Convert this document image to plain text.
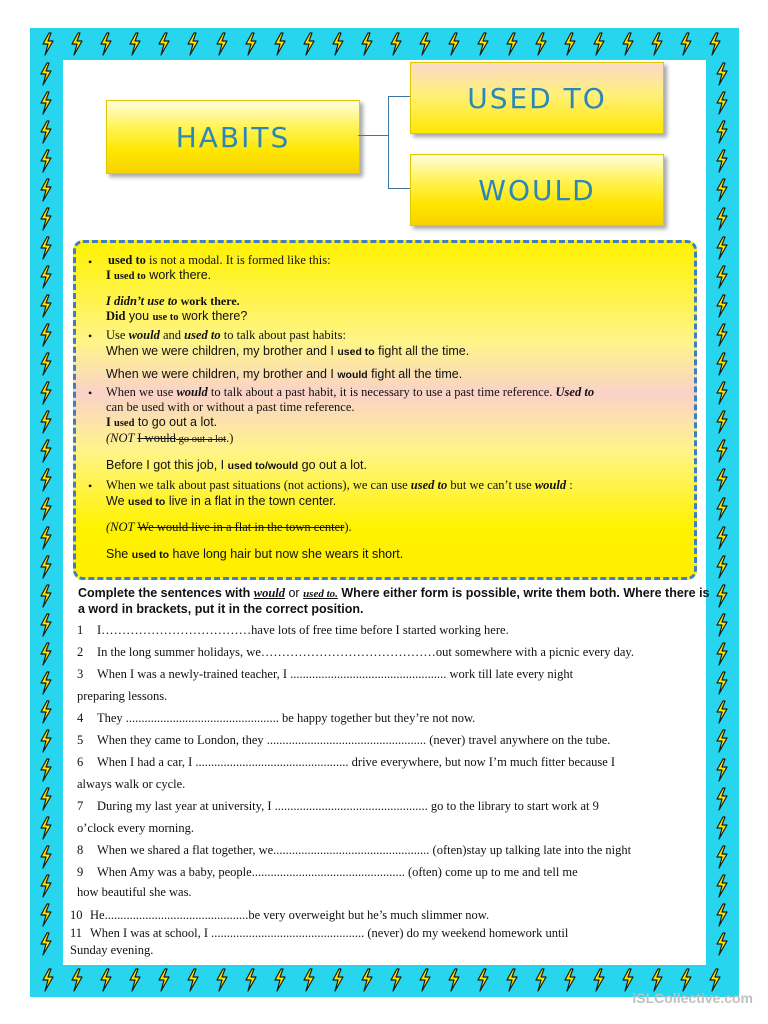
HABITS
USED TO
WOULD
• used to is not a modal. It is formed like this:
I used to work there.
I didn’t use to work there.
Did you use to work there?
• Use would and used to to talk about past habits:
When we were children, my brother and I used to fight all the time.
When we were children, my brother and I would fight all the time.
• When we use would to talk about a past habit, it is necessary to use a past time reference. Used to
can be used with or without a past time reference.
I used to go out a lot.
(NOT I would go out a lot.)
Before I got this job, I used to/would go out a lot.
• When we talk about past situations (not actions), we can use used to but we can’t use would :
We used to live in a flat in the town center.
(NOT We would live in a flat in the town center).
She used to have long hair but now she wears it short.
Complete the sentences with would or used to. Where either form is possible, write them both. Where there is a word in brackets, put it in the correct position.
1 I………………………………have lots of free time before I started working here.
2 In the long summer holidays, we……………………………………out somewhere with a picnic every day.
3 When I was a newly-trained teacher, I .................................................. work till late every night
preparing lessons.
4 They ................................................. be happy together but they’re not now.
5 When they came to London, they ................................................... (never) travel anywhere on the tube.
6 When I had a car, I ................................................. drive everywhere, but now I’m much fitter because I
always walk or cycle.
7 During my last year at university, I ................................................. go to the library to start work at 9
o’clock every morning.
8 When we shared a flat together, we.................................................. (often)stay up talking late into the night
9 When Amy was a baby, people................................................. (often) come up to me and tell me
how beautiful she was.
10 He..............................................be very overweight but he’s much slimmer now.
11 When I was at school, I ................................................. (never) do my weekend homework until
Sunday evening.
iSLCollective.com
